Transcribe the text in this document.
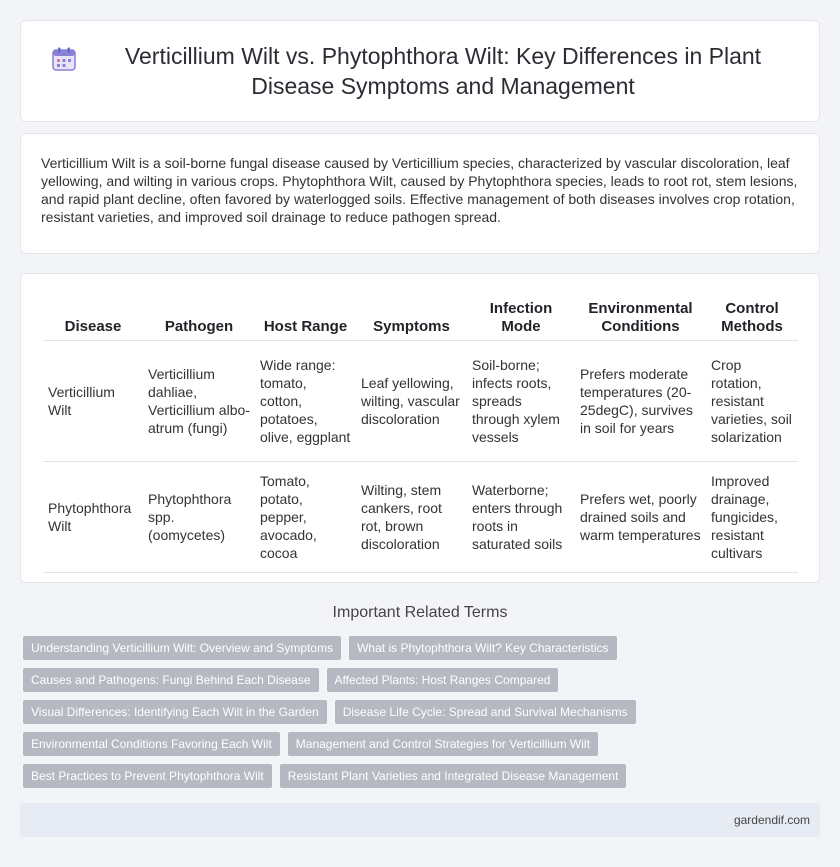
Verticillium Wilt vs. Phytophthora Wilt: Key Differences in Plant Disease Symptoms and Management

Verticillium Wilt is a soil-borne fungal disease caused by Verticillium species, characterized by vascular discoloration, leaf yellowing, and wilting in various crops. Phytophthora Wilt, caused by Phytophthora species, leads to root rot, stem lesions, and rapid plant decline, often favored by waterlogged soils. Effective management of both diseases involves crop rotation, resistant varieties, and improved soil drainage to reduce pathogen spread.

Disease	Pathogen	Host Range	Symptoms	Infection Mode	Environmental Conditions	Control Methods
Verticillium Wilt	Verticillium dahliae, Verticillium albo-atrum (fungi)	Wide range: tomato, cotton, potatoes, olive, eggplant	Leaf yellowing, wilting, vascular discoloration	Soil-borne; infects roots, spreads through xylem vessels	Prefers moderate temperatures (20-25degC), survives in soil for years	Crop rotation, resistant varieties, soil solarization
Phytophthora Wilt	Phytophthora spp. (oomycetes)	Tomato, potato, pepper, avocado, cocoa	Wilting, stem cankers, root rot, brown discoloration	Waterborne; enters through roots in saturated soils	Prefers wet, poorly drained soils and warm temperatures	Improved drainage, fungicides, resistant cultivars
Important Related Terms
Understanding Verticillium Wilt: Overview and Symptoms	What is Phytophthora Wilt? Key Characteristics
Causes and Pathogens: Fungi Behind Each Disease	Affected Plants: Host Ranges Compared
Visual Differences: Identifying Each Wilt in the Garden	Disease Life Cycle: Spread and Survival Mechanisms
Environmental Conditions Favoring Each Wilt	Management and Control Strategies for Verticillium Wilt
Best Practices to Prevent Phytophthora Wilt	Resistant Plant Varieties and Integrated Disease Management
gardendif.com
